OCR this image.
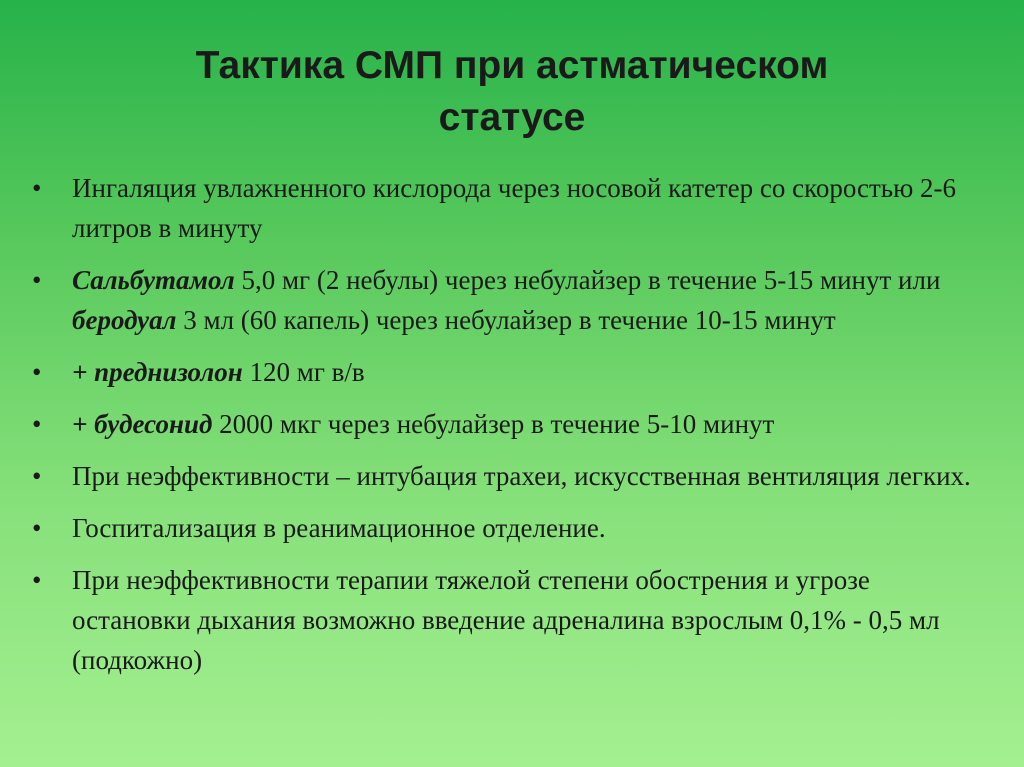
Тактика СМП при астматическом
статусе
• Ингаляция увлажненного кислорода через носовой катетер со скоростью 2-6 литров в минуту
• Сальбутамол 5,0 мг (2 небулы) через небулайзер в течение 5-15 минут или беродуал 3 мл (60 капель) через небулайзер в течение 10-15 минут
• + преднизолон 120 мг в/в
• + будесонид 2000 мкг через небулайзер в течение 5-10 минут
• При неэффективности – интубация трахеи, искусственная вентиляция легких.
• Госпитализация в реанимационное отделение.
• При неэффективности терапии тяжелой степени обострения и угрозе остановки дыхания возможно введение адреналина взрослым 0,1% - 0,5 мл (подкожно)
